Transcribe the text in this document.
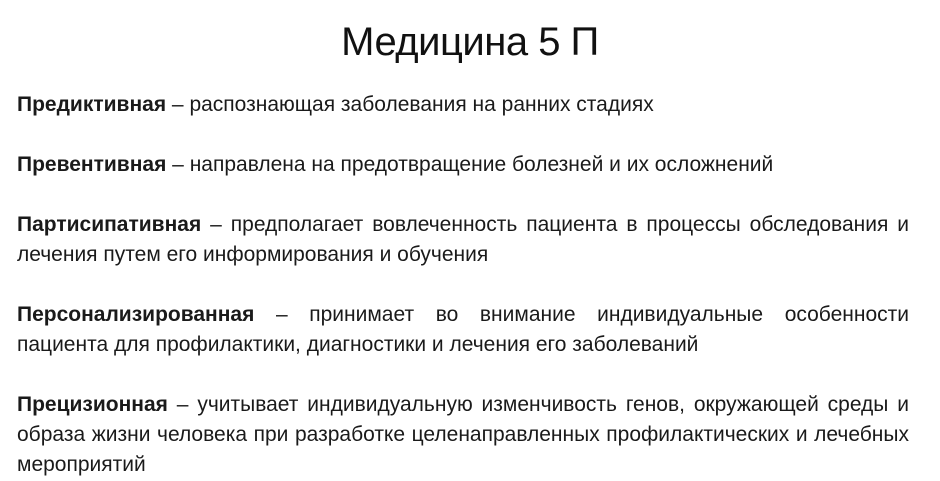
Медицина 5 П

Предиктивная – распознающая заболевания на ранних стадиях

Превентивная – направлена на предотвращение болезней и их осложнений

Партисипативная – предполагает вовлеченность пациента в процессы обследования и лечения путем его информирования и обучения

Персонализированная – принимает во внимание индивидуальные особенности пациента для профилактики, диагностики и лечения его заболеваний

Прецизионная – учитывает индивидуальную изменчивость генов, окружающей среды и образа жизни человека при разработке целенаправленных профилактических и лечебных мероприятий
